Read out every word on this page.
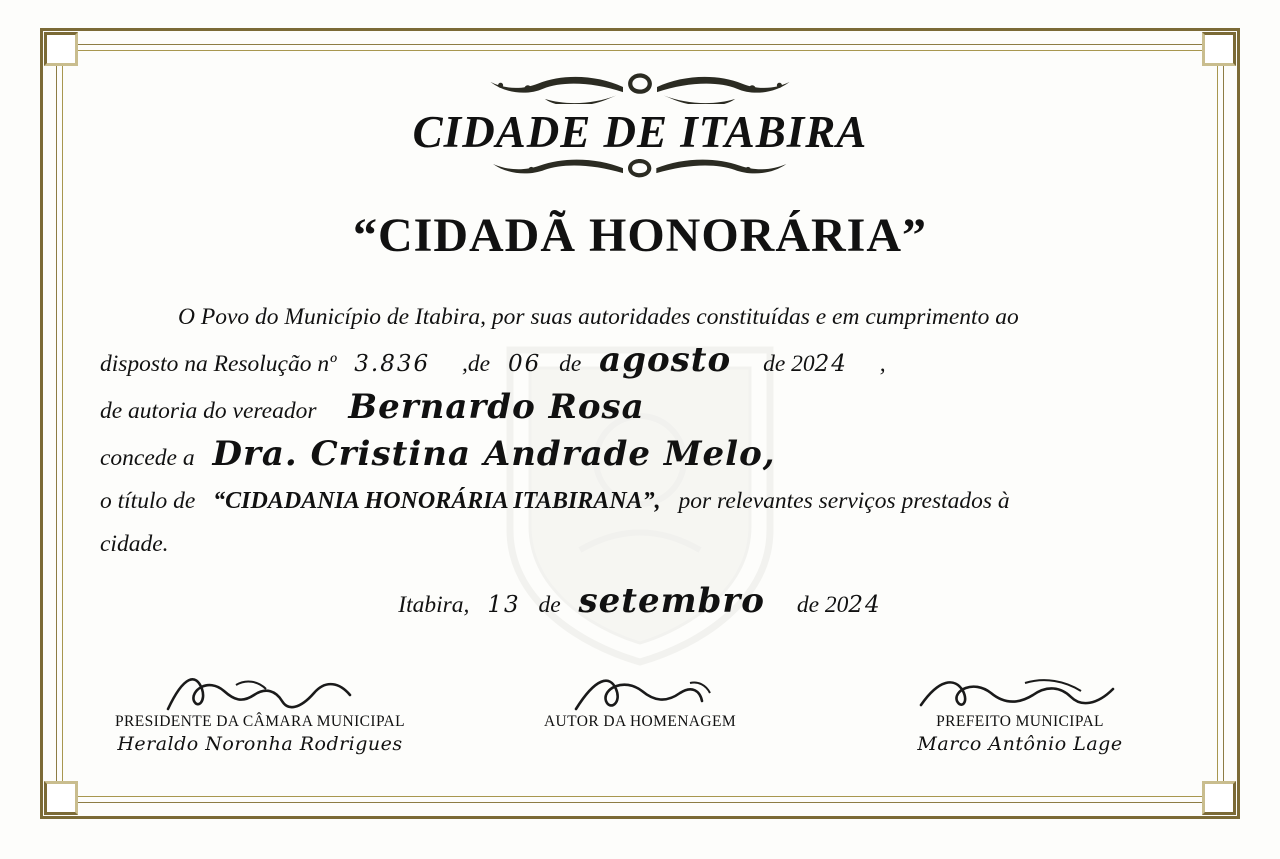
CIDADE DE ITABIRA
“CIDADÃ HONORÁRIA”

O Povo do Município de Itabira, por suas autoridades constituídas e em cumprimento ao

disposto na Resolução nº 3.836 ,de 06 de agosto de 2024 ,

de autoria do vereador Bernardo Rosa

concede a Dra. Cristina Andrade Melo,

o título de “CIDADANIA HONORÁRIA ITABIRANA”, por relevantes serviços prestados à

cidade.

Itabira, 13 de setembro de 2024
PRESIDENTE DA CÂMARA MUNICIPAL
Heraldo Noronha Rodrigues
AUTOR DA HOMENAGEM	PREFEITO MUNICIPAL
Marco Antônio Lage
